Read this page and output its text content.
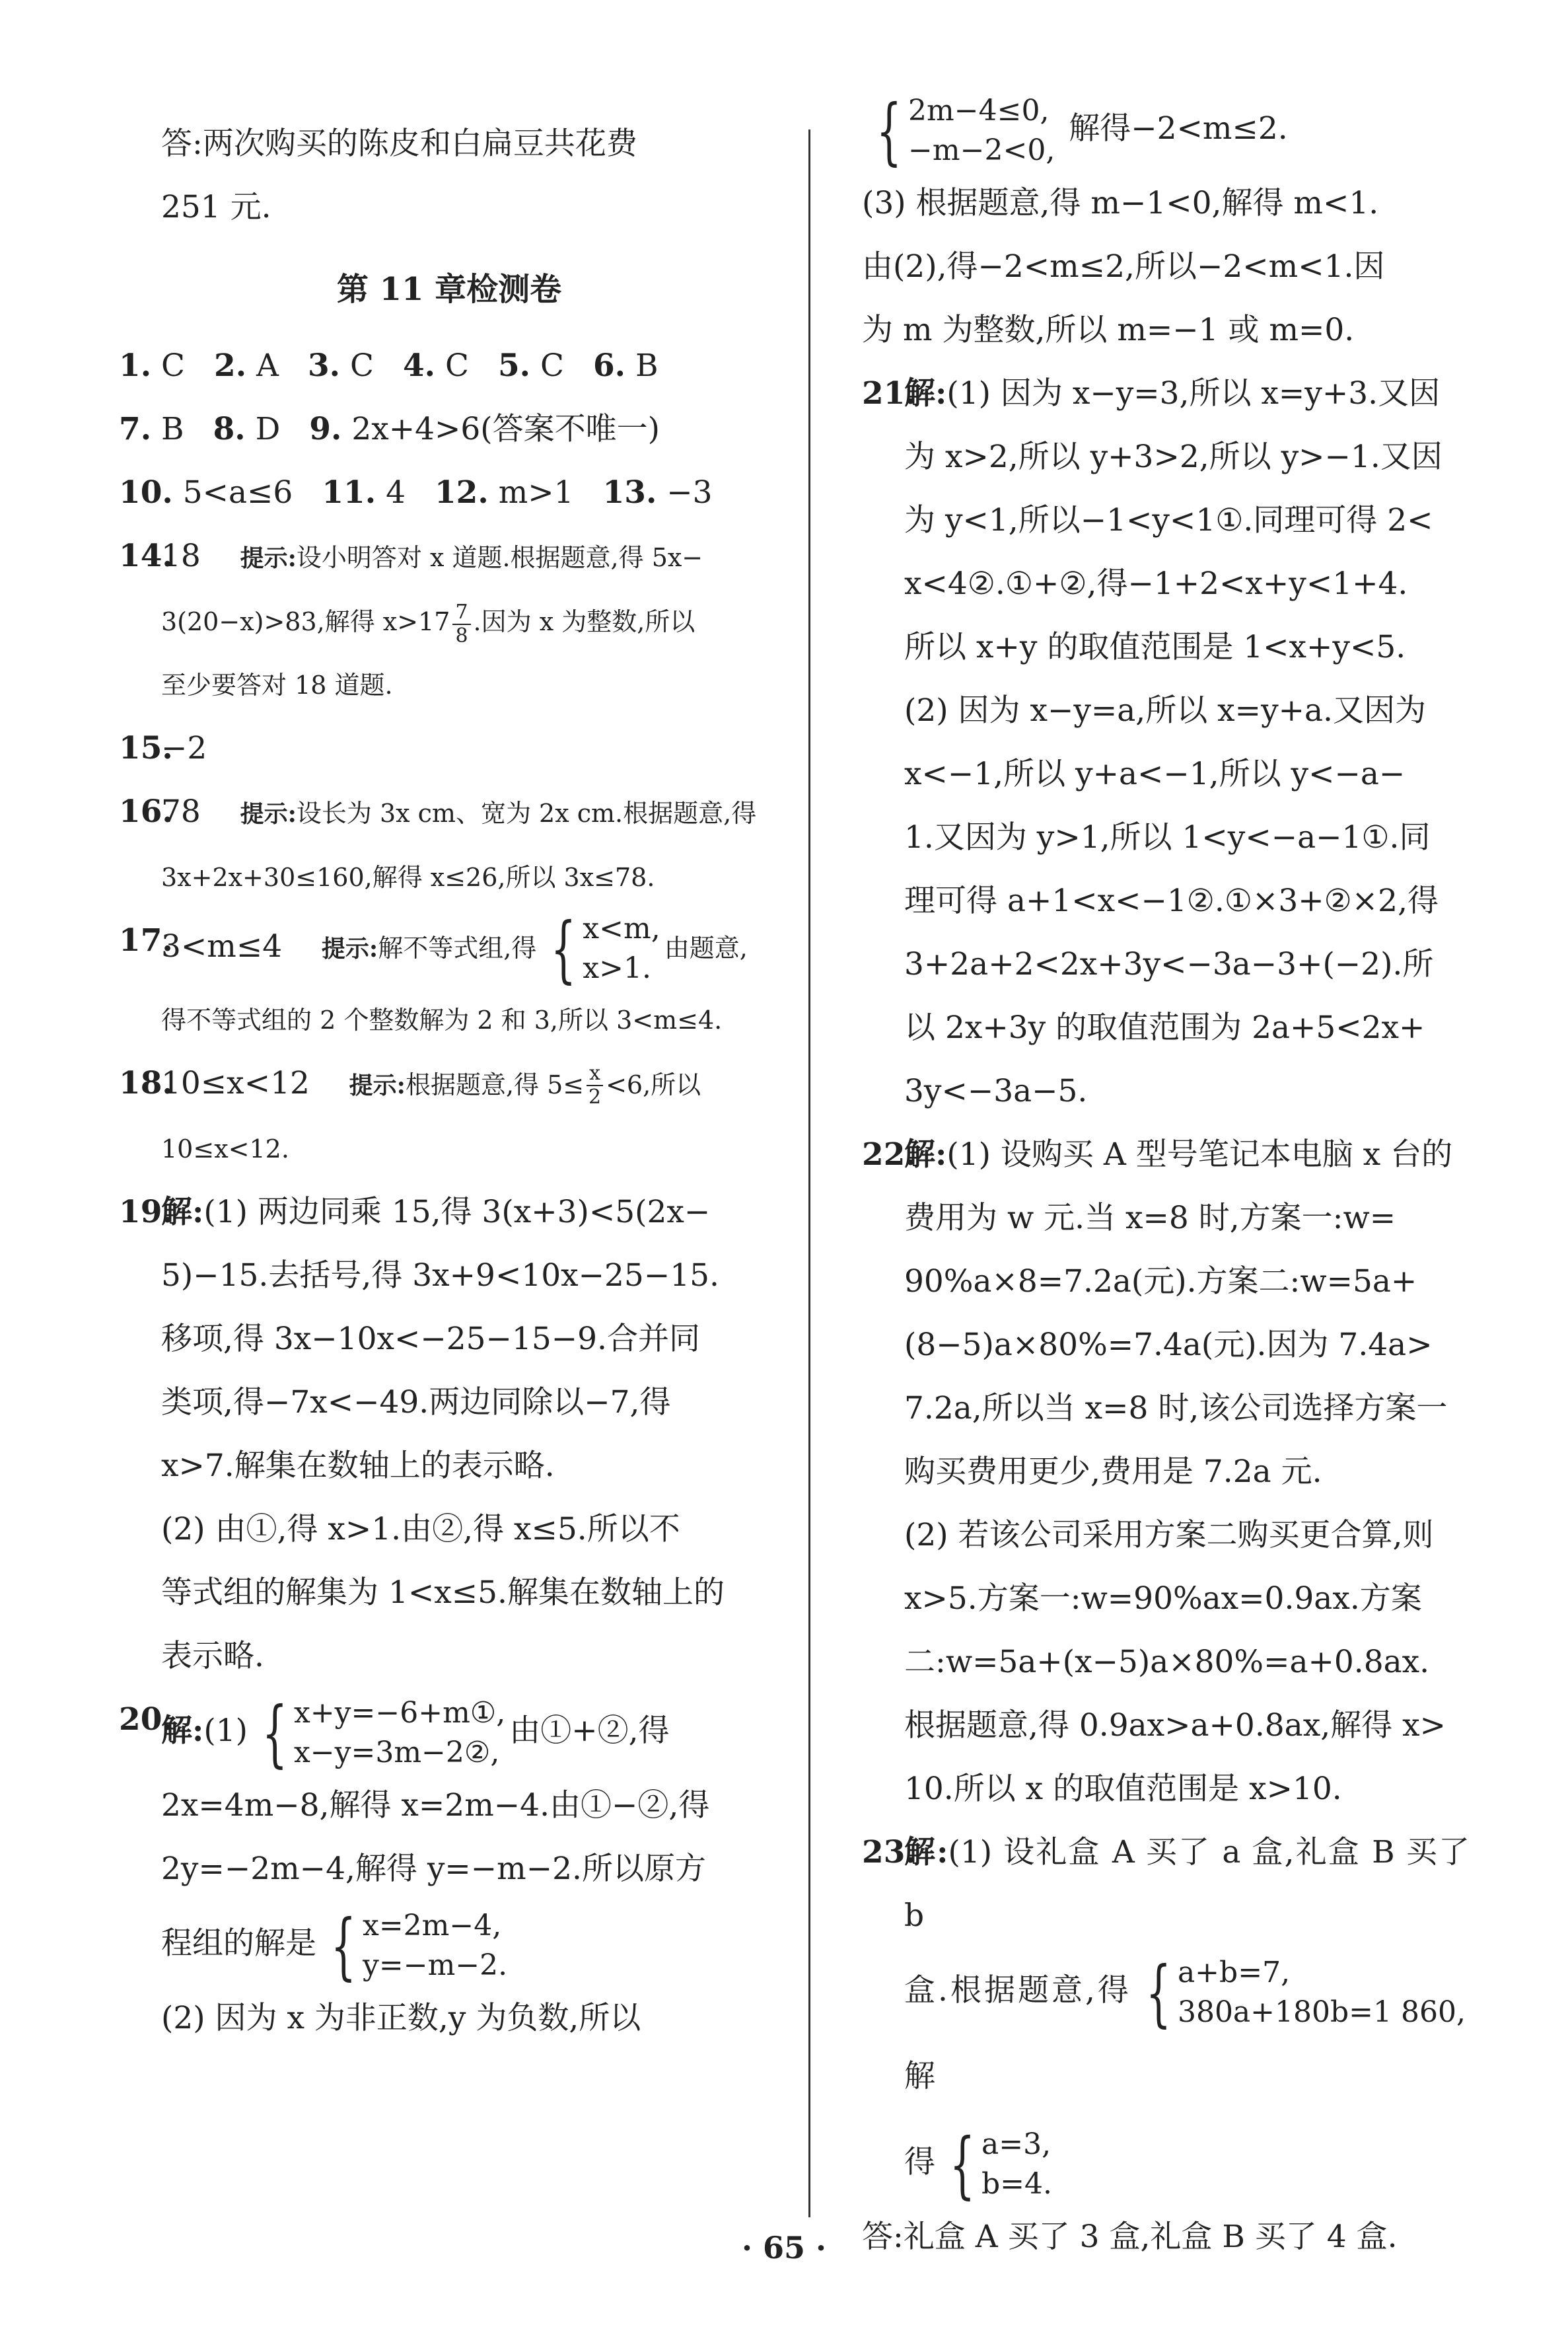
答:两次购买的陈皮和白扁豆共花费

251 元.

第 11 章检测卷
1. C 2. A 3. C 4. C 5. C 6. B
7. B 8. D 9. 2x+4>6(答案不唯一)
10. 5<a≤6 11. 4 12. m>1 13. −3
14.

18 提示:设小明答对 x 道题.根据题意,得 5x−

3(20−x)>83,解得 $x>17 \frac{7}{8}$ .因为 x 为整数,所以

至少要答对 18 道题.

15.

−2

16.

78 提示:设长为 3x cm、宽为 2x cm.根据题意,得

3x+2x+30≤160,解得 x≤26,所以 3x≤78.

17.

3<m≤4 提示:解不等式组,得 { x<m,
x>1.
由题意,

得不等式组的 2 个整数解为 2 和 3,所以 3<m≤4.

18.

10≤x<12 提示:根据题意,得 $5\le \frac{x}{2} <6$,所以

10≤x<12.

19.

解:(1) 两边同乘 15,得 3(x+3)<5(2x−

5)−15.去括号,得 3x+9<10x−25−15.

移项,得 3x−10x<−25−15−9.合并同

类项,得−7x<−49.两边同除以−7,得

x>7.解集在数轴上的表示略.

(2) 由①,得 x>1.由②,得 x≤5.所以不

等式组的解集为 1<x≤5.解集在数轴上的

表示略.

20.

解:(1) { x+y=−6+m①,
x−y=3m−2②,
由①+②,得

2x=4m−8,解得 x=2m−4.由①−②,得

2y=−2m−4,解得 y=−m−2.所以原方

程组的解是 { x=2m−4,
y=−m−2.

(2) 因为 x 为非正数,y 为负数,所以

{ 2m−4≤0,
−m−2<0,
解得−2<m≤2.

(3) 根据题意,得 m−1<0,解得 m<1.

由(2),得−2<m≤2,所以−2<m<1.因

为 m 为整数,所以 m=−1 或 m=0.

21.

解:(1) 因为 x−y=3,所以 x=y+3.又因

为 x>2,所以 y+3>2,所以 y>−1.又因

为 y<1,所以−1<y<1①.同理可得 2<

x<4②.①+②,得−1+2<x+y<1+4.

所以 x+y 的取值范围是 1<x+y<5.

(2) 因为 x−y=a,所以 x=y+a.又因为

x<−1,所以 y+a<−1,所以 y<−a−

1.又因为 y>1,所以 1<y<−a−1①.同

理可得 a+1<x<−1②.①×3+②×2,得

3+2a+2<2x+3y<−3a−3+(−2).所

以 2x+3y 的取值范围为 2a+5<2x+

3y<−3a−5.

22.

解:(1) 设购买 A 型号笔记本电脑 x 台的

费用为 w 元.当 x=8 时,方案一:w=

90%a×8=7.2a(元).方案二:w=5a+

(8−5)a×80%=7.4a(元).因为 7.4a>

7.2a,所以当 x=8 时,该公司选择方案一

购买费用更少,费用是 7.2a 元.

(2) 若该公司采用方案二购买更合算,则

x>5.方案一:w=90%ax=0.9ax.方案

二:w=5a+(x−5)a×80%=a+0.8ax.

根据题意,得 0.9ax>a+0.8ax,解得 x>

10.所以 x 的取值范围是 x>10.

23.

解:(1) 设礼盒 A 买了 a 盒,礼盒 B 买了 b

盒.根据题意,得 { a+b=7,
380a+180b=1 860,
解

得 { a=3,
b=4.

答:礼盒 A 买了 3 盒,礼盒 B 买了 4 盒.

· 65 ·
